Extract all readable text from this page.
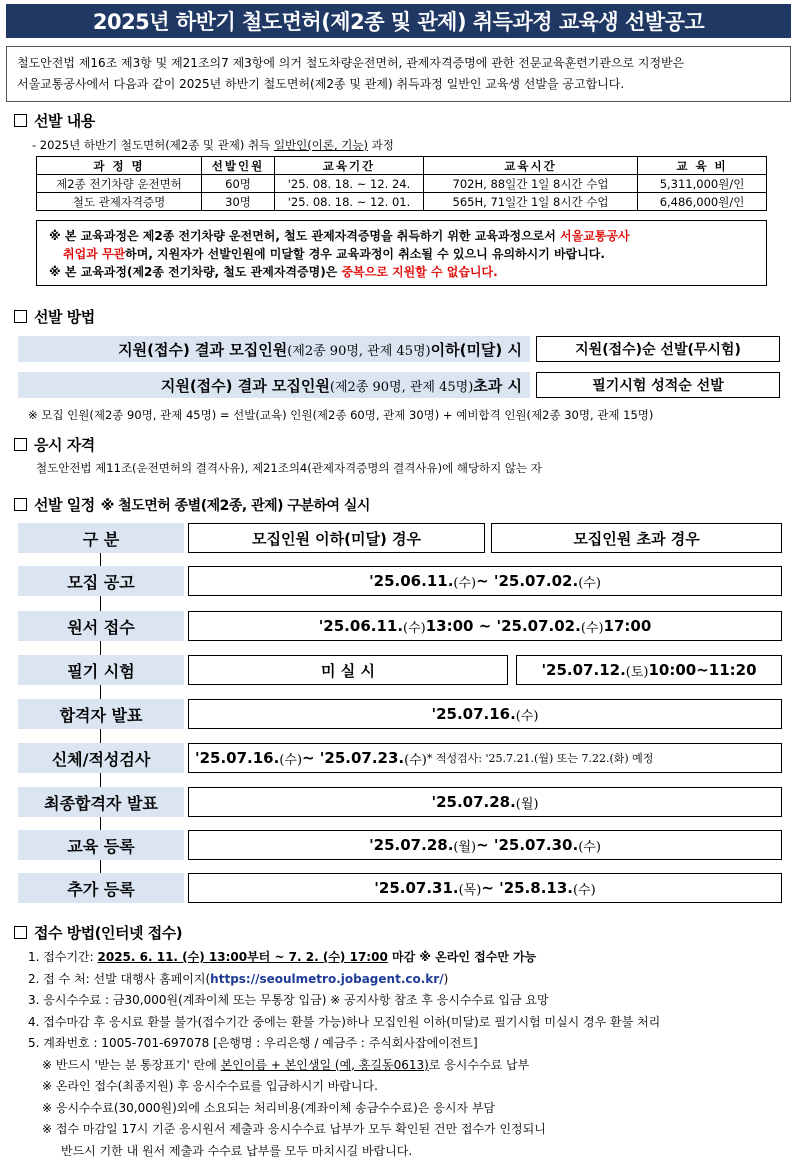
2025년 하반기 철도면허(제2종 및 관제) 취득과정 교육생 선발공고
철도안전법 제16조 제3항 및 제21조의7 제3항에 의거 철도차량운전면허, 관제자격증명에 관한 전문교육훈련기관으로 지정받은
서울교통공사에서 다음과 같이 2025년 하반기 철도면허(제2종 및 관제) 취득과정 일반인 교육생 선발을 공고합니다.
선발 내용
- 2025년 하반기 철도면허(제2종 및 관제) 취득 일반인(이론, 기능) 과정
과 정 명	선발인원	교육기간	교육시간	교 육 비
제2종 전기차량 운전면허	60명	'25. 08. 18. ~ 12. 24.	702H, 88일간 1일 8시간 수업	5,311,000원/인
철도 관제자격증명	30명	'25. 08. 18. ~ 12. 01.	565H, 71일간 1일 8시간 수업	6,486,000원/인
※ 본 교육과정은 제2종 전기차량 운전면허, 철도 관제자격증명을 취득하기 위한 교육과정으로서 서울교통공사
취업과 무관하며, 지원자가 선발인원에 미달할 경우 교육과정이 취소될 수 있으니 유의하시기 바랍니다.
※ 본 교육과정(제2종 전기차량, 철도 관제자격증명)은 중복으로 지원할 수 없습니다.
선발 방법
지원(접수) 결과 모집인원 (제2종 90명, 관제 45명) 이하(미달) 시	지원(접수)순 선발(무시험)
지원(접수) 결과 모집인원 (제2종 90명, 관제 45명) 초과 시	필기시험 성적순 선발
※ 모집 인원(제2종 90명, 관제 45명) = 선발(교육) 인원(제2종 60명, 관제 30명) + 예비합격 인원(제2종 30명, 관제 15명)
응시 자격
철도안전법 제11조(운전면허의 결격사유), 제21조의4(관제자격증명의 결격사유)에 해당하지 않는 자
선발 일정 ※ 철도면허 종별(제2종, 관제) 구분하여 실시
구 분	모집인원 이하(미달) 경우	모집인원 초과 경우
모집 공고	'25.06.11. (수) ~ '25.07.02. (수)
원서 접수	'25.06.11. (수) 13:00 ~ '25.07.02. (수) 17:00
필기 시험	미 실 시	'25.07.12. (토) 10:00~11:20
합격자 발표	'25.07.16. (수)
신체/적성검사	'25.07.16. (수) ~ '25.07.23. (수) * 적성검사: '25.7.21.(월) 또는 7.22.(화) 예정
최종합격자 발표	'25.07.28. (월)
교육 등록	'25.07.28. (월) ~ '25.07.30. (수)
추가 등록	'25.07.31. (목) ~ '25.8.13. (수)
접수 방법(인터넷 접수)
1. 접수기간: 2025. 6. 11. (수) 13:00부터 ~ 7. 2. (수) 17:00 마감 ※ 온라인 접수만 가능
2. 접 수 처: 선발 대행사 홈페이지(https://seoulmetro.jobagent.co.kr/)
3. 응시수수료 : 금30,000원(계좌이체 또는 무통장 입금) ※ 공지사항 참조 후 응시수수료 입금 요망
4. 접수마감 후 응시료 환불 불가(접수기간 중에는 환불 가능)하나 모집인원 이하(미달)로 필기시험 미실시 경우 환불 처리
5. 계좌번호 : 1005-701-697078 [은행명 : 우리은행 / 예금주 : 주식회사잡에이전트]
※ 반드시 '받는 분 통장표기' 란에 본인이름 + 본인생일 (예, 홍길동0613)로 응시수수료 납부
※ 온라인 접수(최종지원) 후 응시수수료를 입금하시기 바랍니다.
※ 응시수수료(30,000원)외에 소요되는 처리비용(계좌이체 송금수수료)은 응시자 부담
※ 접수 마감일 17시 기준 응시원서 제출과 응시수수료 납부가 모두 확인된 건만 접수가 인정되니
반드시 기한 내 원서 제출과 수수료 납부를 모두 마치시길 바랍니다.
